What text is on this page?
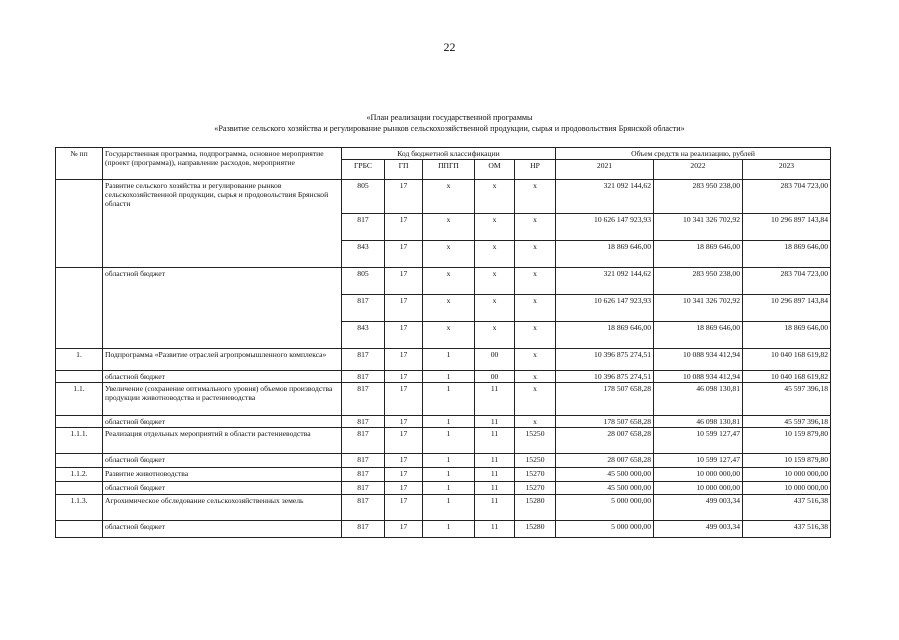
22
«План реализации государственной программы
«Развитие сельского хозяйства и регулирование рынков сельскохозяйственной продукции, сырья и продовольствия Брянской области»
№ пп	Государственная программа, подпрограмма, основное мероприятие (проект (программа)), направление расходов, мероприятие	Код бюджетной классификации					Объем средств на реализацию, рублей		
		ГРБС	ГП	ППГП	ОМ	НР	2021	2022	2023
	Развитие сельского хозяйства и регулирование рынков сельскохозяйственной продукции, сырья и продовольствия Брянской области	805	17	х	х	х	321 092 144,62	283 950 238,00	283 704 723,00
		817	17	х	х	х	10 626 147 923,93	10 341 326 702,92	10 296 897 143,84
		843	17	х	х	х	18 869 646,00	18 869 646,00	18 869 646,00
	областной бюджет	805	17	х	х	х	321 092 144,62	283 950 238,00	283 704 723,00
		817	17	х	х	х	10 626 147 923,93	10 341 326 702,92	10 296 897 143,84
		843	17	х	х	х	18 869 646,00	18 869 646,00	18 869 646,00
1.	Подпрограмма «Развитие отраслей агропромышленного комплекса»	817	17	1	00	х	10 396 875 274,51	10 088 934 412,94	10 040 168 619,82
	областной бюджет	817	17	1	00	х	10 396 875 274,51	10 088 934 412,94	10 040 168 619,82
1.1.	Увеличение (сохранение оптимального уровня) объемов производства продукции животноводства и растениеводства	817	17	1	11	х	178 507 658,28	46 098 130,81	45 597 396,18
	областной бюджет	817	17	1	11	х	178 507 658,28	46 098 130,81	45 597 396,18
1.1.1.	Реализация отдельных мероприятий в области растениеводства	817	17	1	11	15250	28 007 658,28	10 599 127,47	10 159 879,80
	областной бюджет	817	17	1	11	15250	28 007 658,28	10 599 127,47	10 159 879,80
1.1.2.	Развитие животноводства	817	17	1	11	15270	45 500 000,00	10 000 000,00	10 000 000,00
	областной бюджет	817	17	1	11	15270	45 500 000,00	10 000 000,00	10 000 000,00
1.1.3.	Агрохимическое обследование сельскохозяйственных земель	817	17	1	11	15280	5 000 000,00	499 003,34	437 516,38
	областной бюджет	817	17	1	11	15280	5 000 000,00	499 003,34	437 516,38
